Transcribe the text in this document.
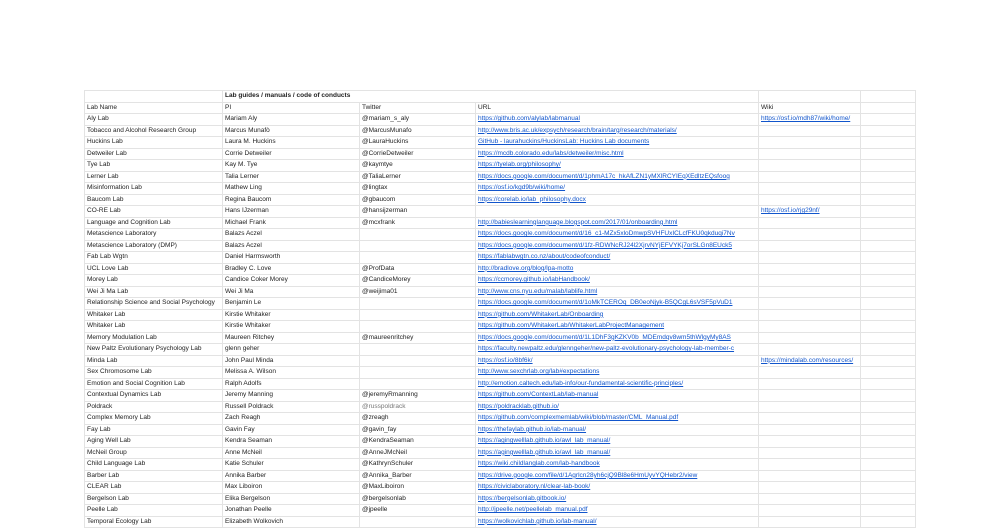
	Lab guides / manuals / code of conducts				
Lab Name	PI	Twitter	URL	Wiki	
Aly Lab	Mariam Aly	@mariam_s_aly	https://github.com/alylab/labmanual	https://osf.io/mdh87/wiki/home/	
Tobacco and Alcohol Research Group	Marcus Munafò	@MarcusMunafo	http://www.bris.ac.uk/expsych/research/brain/targ/research/materials/		
Huckins Lab	Laura M. Huckins	@LauraHuckins	GitHub - laurahuckins/HuckinsLab: Huckins Lab documents		
Detweiler Lab	Corrie Detweiler	@CorrieDetweiler	https://mcdb.colorado.edu/labs/detweiler/misc.html		
Tye Lab	Kay M. Tye	@kaymtye	https://tyelab.org/philosophy/		
Lerner Lab	Talia Lerner	@TaliaLerner	https://docs.google.com/document/d/1phmA17c_hkAfLZN1yMXlRCYIEqXEdltzEQsfoog		
Misinformation Lab	Mathew Ling	@lingtax	https://osf.io/kgd9b/wiki/home/		
Baucom Lab	Regina Baucom	@gbaucom	https://corelab.io/lab_philosophy.docx		
CO-RE Lab	Hans IJzerman	@hansijzerman		https://osf.io/rjg29nf/	
Language and Cognition Lab	Michael Frank	@mcxfrank	http://babieslearninglanguage.blogspot.com/2017/01/onboarding.html		
Metascience Laboratory	Balazs Aczel		https://docs.google.com/document/d/16_c1-MZx5xloDmwpSVHFUxICLcfFKU0qkduqi7Nv		
Metascience Laboratory (DMP)	Balazs Aczel		https://docs.google.com/document/d/1fz-RDWNcRJ24l2XjrvNYjEFVYKj7orSLGn8EUck5		
Fab Lab Wgtn	Daniel Harmsworth		https://fablabwgtn.co.nz/about/codeofconduct/		
UCL Love Lab	Bradley C. Love	@ProfData	http://bradlove.org/blog/lpa-motto		
Morey Lab	Candice Coker Morey	@CandiceMorey	https://ccmorey.github.io/labHandbook/		
Wei Ji Ma Lab	Wei Ji Ma	@weijima01	http://www.cns.nyu.edu/malab/lablife.html		
Relationship Science and Social Psychology	Benjamin Le		https://docs.google.com/document/d/1oMkTCEROq_DB0eoNjyk-B5QCgL6sVSF5pVuD1		
Whitaker Lab	Kirstie Whitaker		https://github.com/WhitakerLab/Onboarding		
Whitaker Lab	Kirstie Whitaker		https://github.com/WhitakerLab/WhitakerLabProjectManagement		
Memory Modulation Lab	Maureen Ritchey	@maureenritchey	https://docs.google.com/document/d/1L1DhF3gKZKV0b_MDEmdqv8wm5thWlgyMy8AS		
New Paltz Evolutionary Psychology Lab	glenn geher		https://faculty.newpaltz.edu/glenngeher/new-paltz-evolutionary-psychology-lab-member-c		
Minda Lab	John Paul Minda		https://osf.io/8bf6k/	https://mindalab.com/resources/	
Sex Chromosome Lab	Melissa A. Wilson		http://www.sexchrlab.org/lab#expectations		
Emotion and Social Cognition Lab	Ralph Adolfs		http://emotion.caltech.edu/lab-info/our-fundamental-scientific-principles/		
Contextual Dynamics Lab	Jeremy Manning	@jeremyRmanning	https://github.com/ContextLab/lab-manual		
Poldrack	Russell Poldrack	@russpoldrack	https://poldracklab.github.io/		
Complex Memory Lab	Zach Reagh	@zreagh	https://github.com/complexmemlab/wiki/blob/master/CML_Manual.pdf		
Fay Lab	Gavin Fay	@gavin_fay	https://thefaylab.github.io/lab-manual/		
Aging Well Lab	Kendra Seaman	@KendraSeaman	https://agingwelllab.github.io/awl_lab_manual/		
McNeil Group	Anne McNeil	@AnneJMcNeil	https://agingwelllab.github.io/awl_lab_manual/		
Child Language Lab	Katie Schuler	@KathrynSchuler	https://wiki.childlanglab.com/lab-handbook		
Barber Lab	Annika Barber	@Annika_Barber	https://drive.google.com/file/d/1Agrlcn28yh6cjQ9Bl8e6HmUyvYQHebr2/view		
CLEAR Lab	Max Liboiron	@MaxLiboiron	https://civiclaboratory.nl/clear-lab-book/		
Bergelson Lab	Elika Bergelson	@bergelsonlab	https://bergelsonlab.gitbook.io/		
Peelle Lab	Jonathan Peelle	@jpeelle	http://jpeelle.net/peellelab_manual.pdf		
Temporal Ecology Lab	Elizabeth Wolkovich		https://wolkovichlab.github.io/lab-manual/		
